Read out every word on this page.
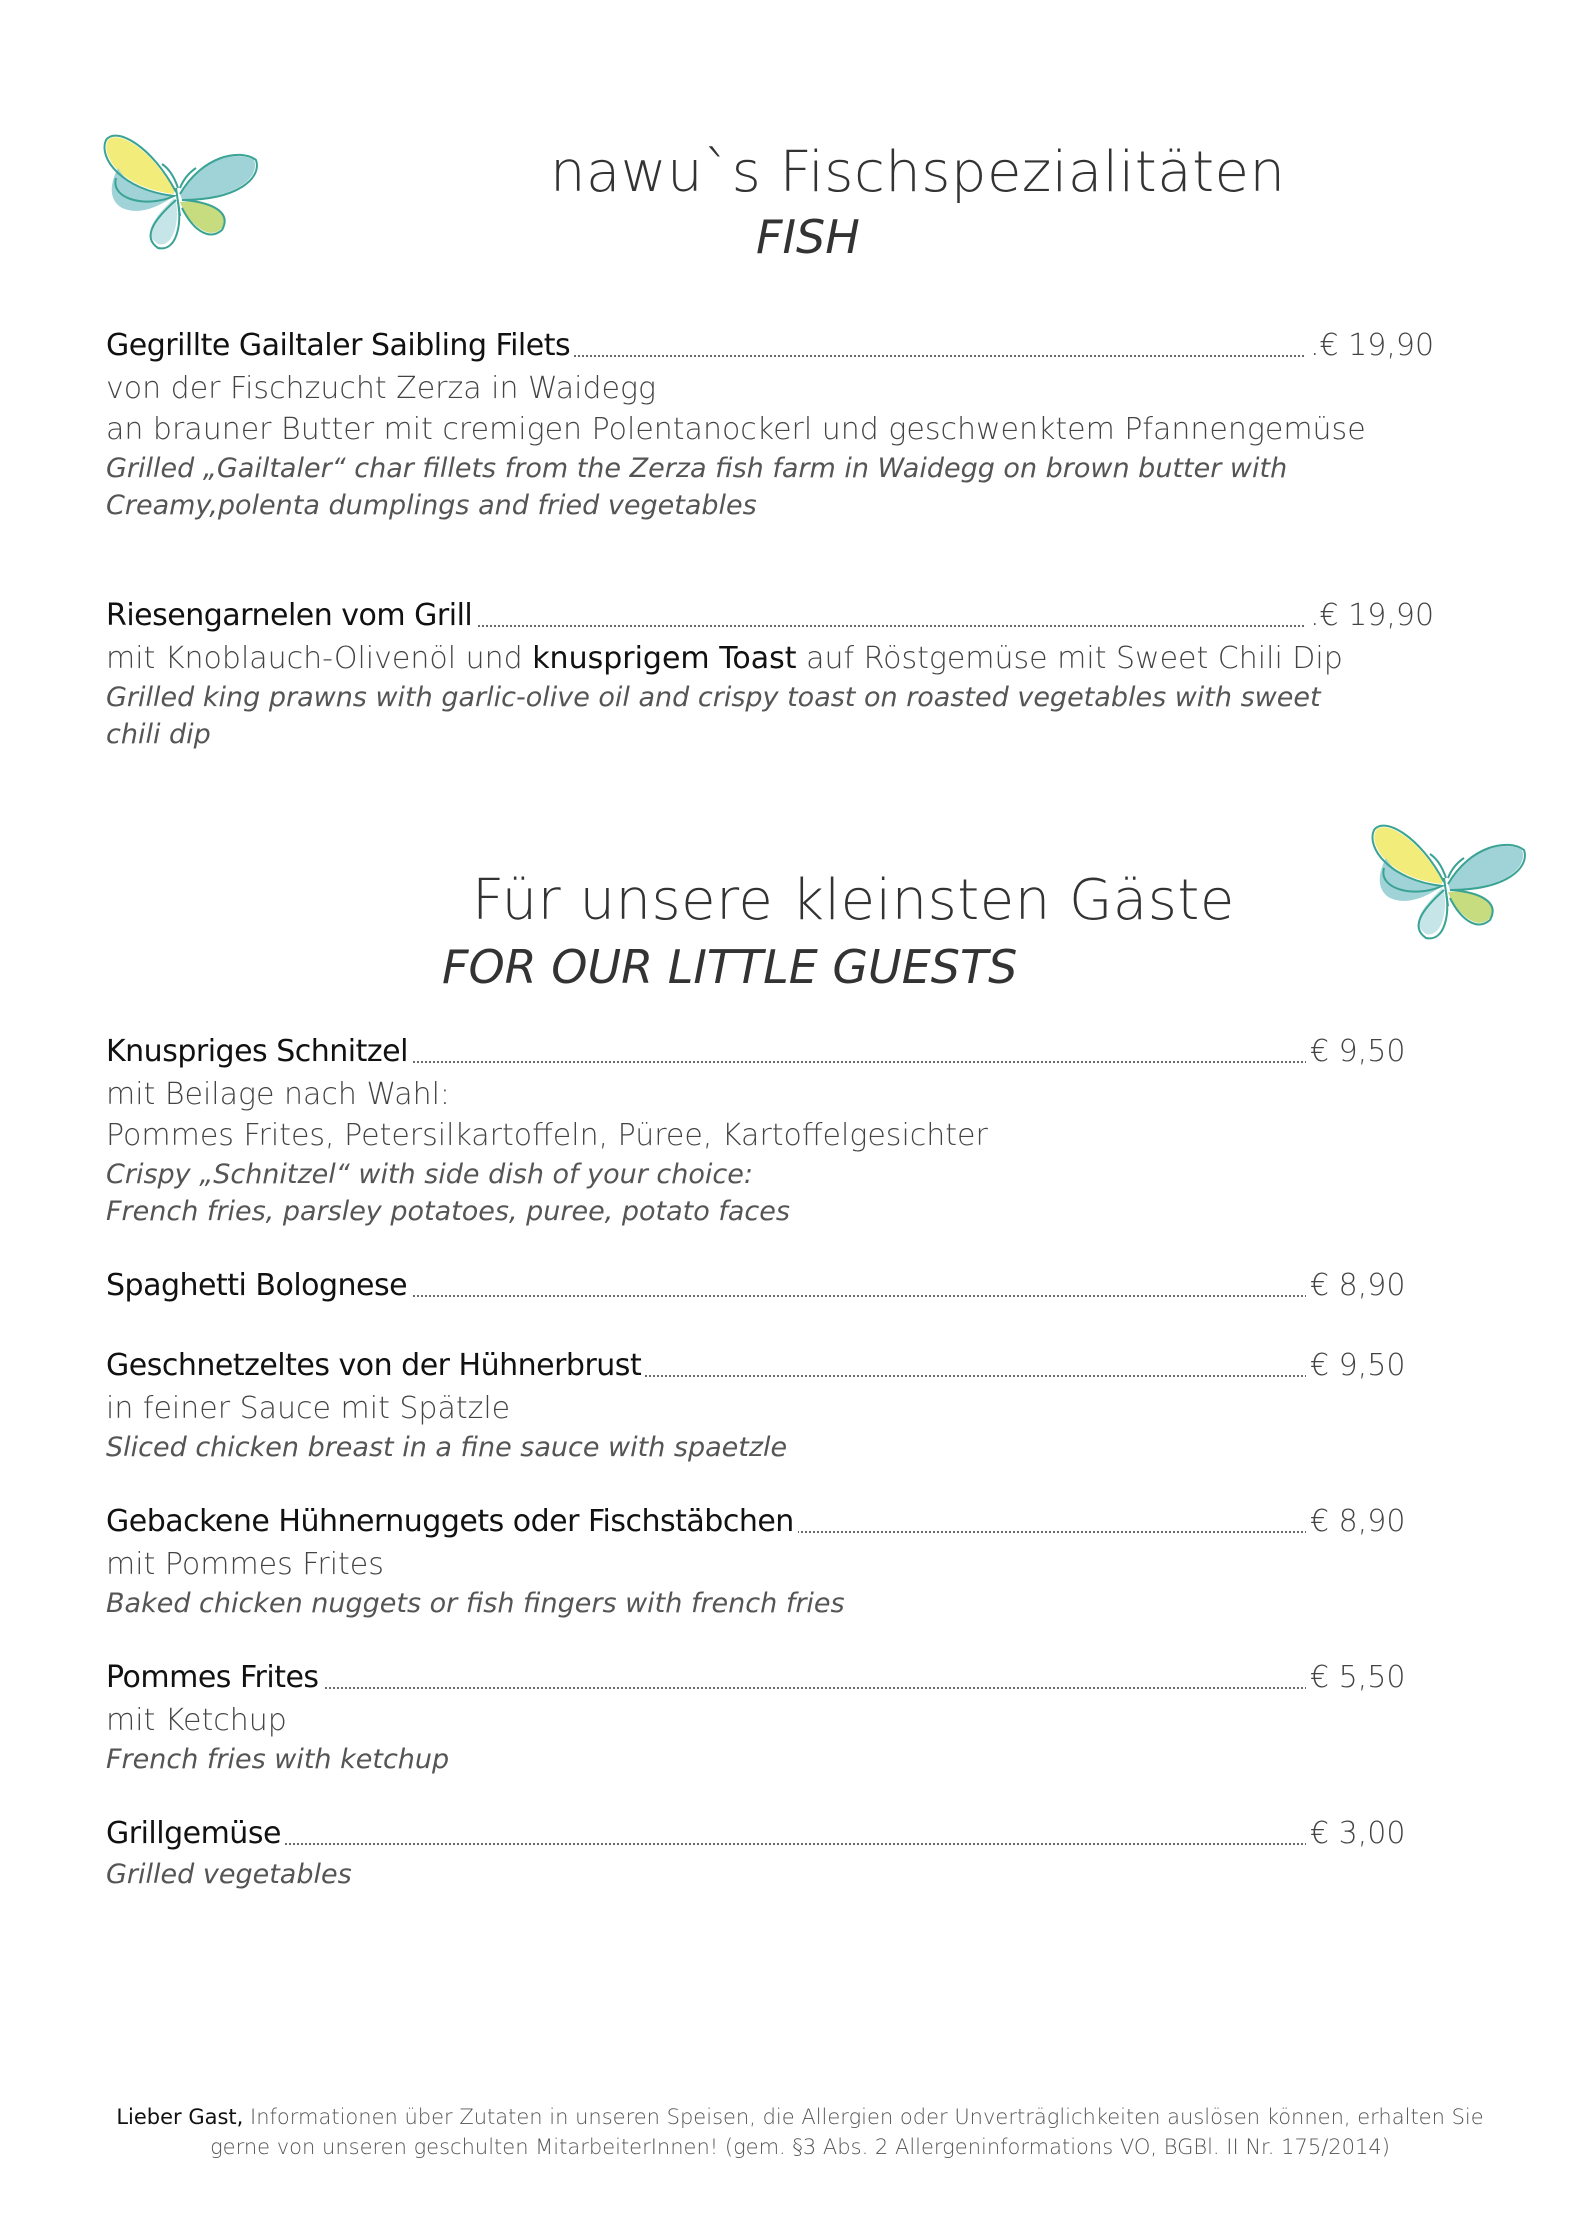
nawu`s Fischspezialitäten
FISH
Gegrillte Gailtaler Saibling Filets	.€ 19,90
von der Fischzucht Zerza in Waidegg
an brauner Butter mit cremigen Polentanockerl und geschwenktem Pfannengemüse
Grilled „Gailtaler“ char fillets from the Zerza fish farm in Waidegg on brown butter with
Creamy,polenta dumplings and fried vegetables
Riesengarnelen vom Grill	.€ 19,90
mit Knoblauch-Olivenöl und knusprigem Toast auf Röstgemüse mit Sweet Chili Dip
Grilled king prawns with garlic-olive oil and crispy toast on roasted vegetables with sweet
chili dip
Für unsere kleinsten Gäste
FOR OUR LITTLE GUESTS
Knuspriges Schnitzel	€ 9,50
mit Beilage nach Wahl:
Pommes Frites, Petersilkartoffeln, Püree, Kartoffelgesichter
Crispy „Schnitzel“ with side dish of your choice:
French fries, parsley potatoes, puree, potato faces
Spaghetti Bolognese	€ 8,90
Geschnetzeltes von der Hühnerbrust	€ 9,50
in feiner Sauce mit Spätzle
Sliced chicken breast in a fine sauce with spaetzle
Gebackene Hühnernuggets oder Fischstäbchen	€ 8,90
mit Pommes Frites
Baked chicken nuggets or fish fingers with french fries
Pommes Frites	€ 5,50
mit Ketchup
French fries with ketchup
Grillgemüse	€ 3,00
Grilled vegetables
Lieber Gast, Informationen über Zutaten in unseren Speisen, die Allergien oder Unverträglichkeiten auslösen können, erhalten Sie
gerne von unseren geschulten MitarbeiterInnen! (gem. §3 Abs. 2 Allergeninformations VO, BGBl. II Nr. 175/2014)
